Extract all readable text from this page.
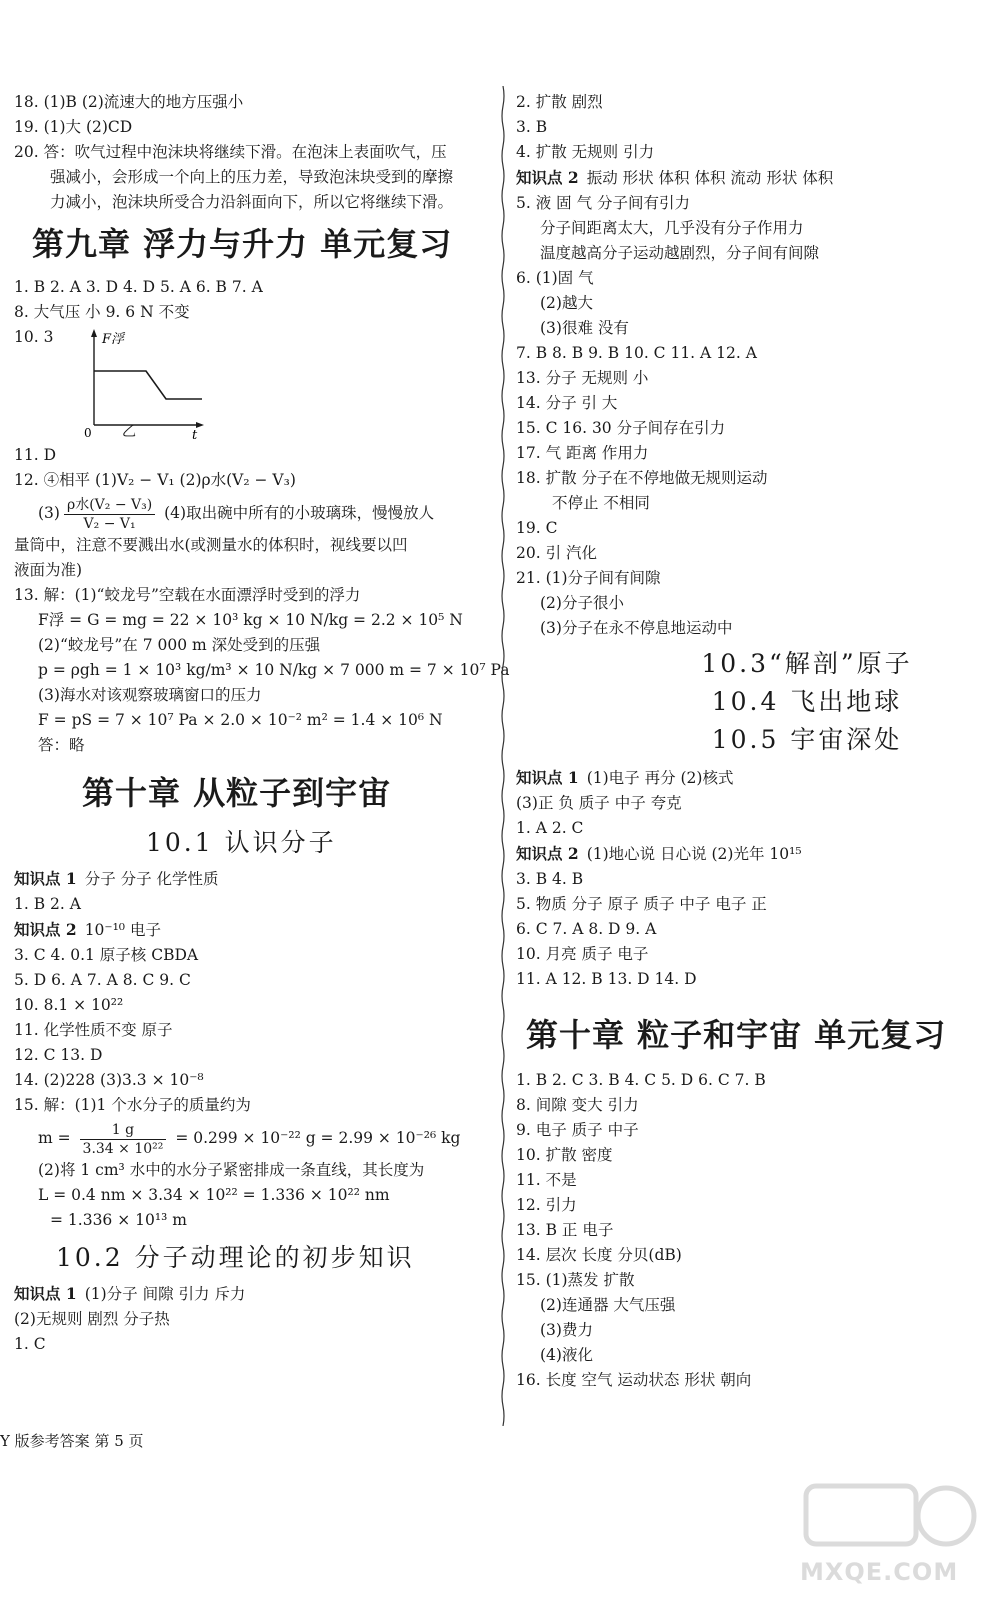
18. (1)B (2)流速大的地方压强小
19. (1)大 (2)CD
20. 答：吹气过程中泡沫块将继续下滑。在泡沫上表面吹气，压
强减小，会形成一个向上的压力差，导致泡沫块受到的摩擦
力减小，泡沫块所受合力沿斜面向下，所以它将继续下滑。
第九章 浮力与升力 单元复习
1. B 2. A 3. D 4. D 5. A 6. B 7. A
8. 大气压 小 9. 6 N 不变
10. 3	F浮
t
0 乙
11. D
12. ④相平 (1)V₂ − V₁ (2)ρ水(V₂ − V₃)
$(3) \frac{\text{ρ水(V₂ − V₃)}}{\text{V₂ − V₁}} (4)$取出碗中所有的小玻璃珠，慢慢放人
量筒中，注意不要溅出水(或测量水的体积时，视线要以凹
液面为准)
13. 解：(1)“蛟龙号”空载在水面漂浮时受到的浮力
F浮 = G = mg = 22 × 10³ kg × 10 N/kg = 2.2 × 10⁵ N
(2)“蛟龙号”在 7 000 m 深处受到的压强
p = ρgh = 1 × 10³ kg/m³ × 10 N/kg × 7 000 m = 7 × 10⁷ Pa
(3)海水对该观察玻璃窗口的压力
F = pS = 7 × 10⁷ Pa × 2.0 × 10⁻² m² = 1.4 × 10⁶ N
答：略
第十章 从粒子到宇宙
10.1 认识分子
知识点 1 分子 分子 化学性质
1. B 2. A
知识点 2 10⁻¹⁰ 电子
3. C 4. 0.1 原子核 CBDA
5. D 6. A 7. A 8. C 9. C
10. 8.1 × 10²²
11. 化学性质不变 原子
12. C 13. D
14. (2)228 (3)3.3 × 10⁻⁸
15. 解：(1)1 个水分子的质量约为
$m = \frac{1 g}{\text{3.34 × 10²²}} = 0.299 \times 10^{-22}$ g = 2.99 × 10⁻²⁶ kg
(2)将 1 cm³ 水中的水分子紧密排成一条直线，其长度为
L = 0.4 nm × 3.34 × 10²² = 1.336 × 10²² nm
= 1.336 × 10¹³ m
10.2 分子动理论的初步知识
知识点 1 (1)分子 间隙 引力 斥力
(2)无规则 剧烈 分子热
1. C
2. 扩散 剧烈
3. B
4. 扩散 无规则 引力
知识点 2 振动 形状 体积 体积 流动 形状 体积
5. 液 固 气 分子间有引力
分子间距离太大，几乎没有分子作用力
温度越高分子运动越剧烈，分子间有间隙
6. (1)固 气
(2)越大
(3)很难 没有
7. B 8. B 9. B 10. C 11. A 12. A
13. 分子 无规则 小
14. 分子 引 大
15. C 16. 30 分子间存在引力
17. 气 距离 作用力
18. 扩散 分子在不停地做无规则运动
不停止 不相同
19. C
20. 引 汽化
21. (1)分子间有间隙
(2)分子很小
(3)分子在永不停息地运动中
10.3“解剖”原子
10.4 飞出地球
10.5 宇宙深处
知识点 1 (1)电子 再分 (2)核式
(3)正 负 质子 中子 夸克
1. A 2. C
知识点 2 (1)地心说 日心说 (2)光年 10¹⁵
3. B 4. B
5. 物质 分子 原子 质子 中子 电子 正
6. C 7. A 8. D 9. A
10. 月亮 质子 电子
11. A 12. B 13. D 14. D
第十章 粒子和宇宙 单元复习
1. B 2. C 3. B 4. C 5. D 6. C 7. B
8. 间隙 变大 引力
9. 电子 质子 中子
10. 扩散 密度
11. 不是
12. 引力
13. B 正 电子
14. 层次 长度 分贝(dB)
15. (1)蒸发 扩散
(2)连通器 大气压强
(3)费力
(4)液化
16. 长度 空气 运动状态 形状 朝向
Y 版参考答案 第 5 页
MXQE.COM
